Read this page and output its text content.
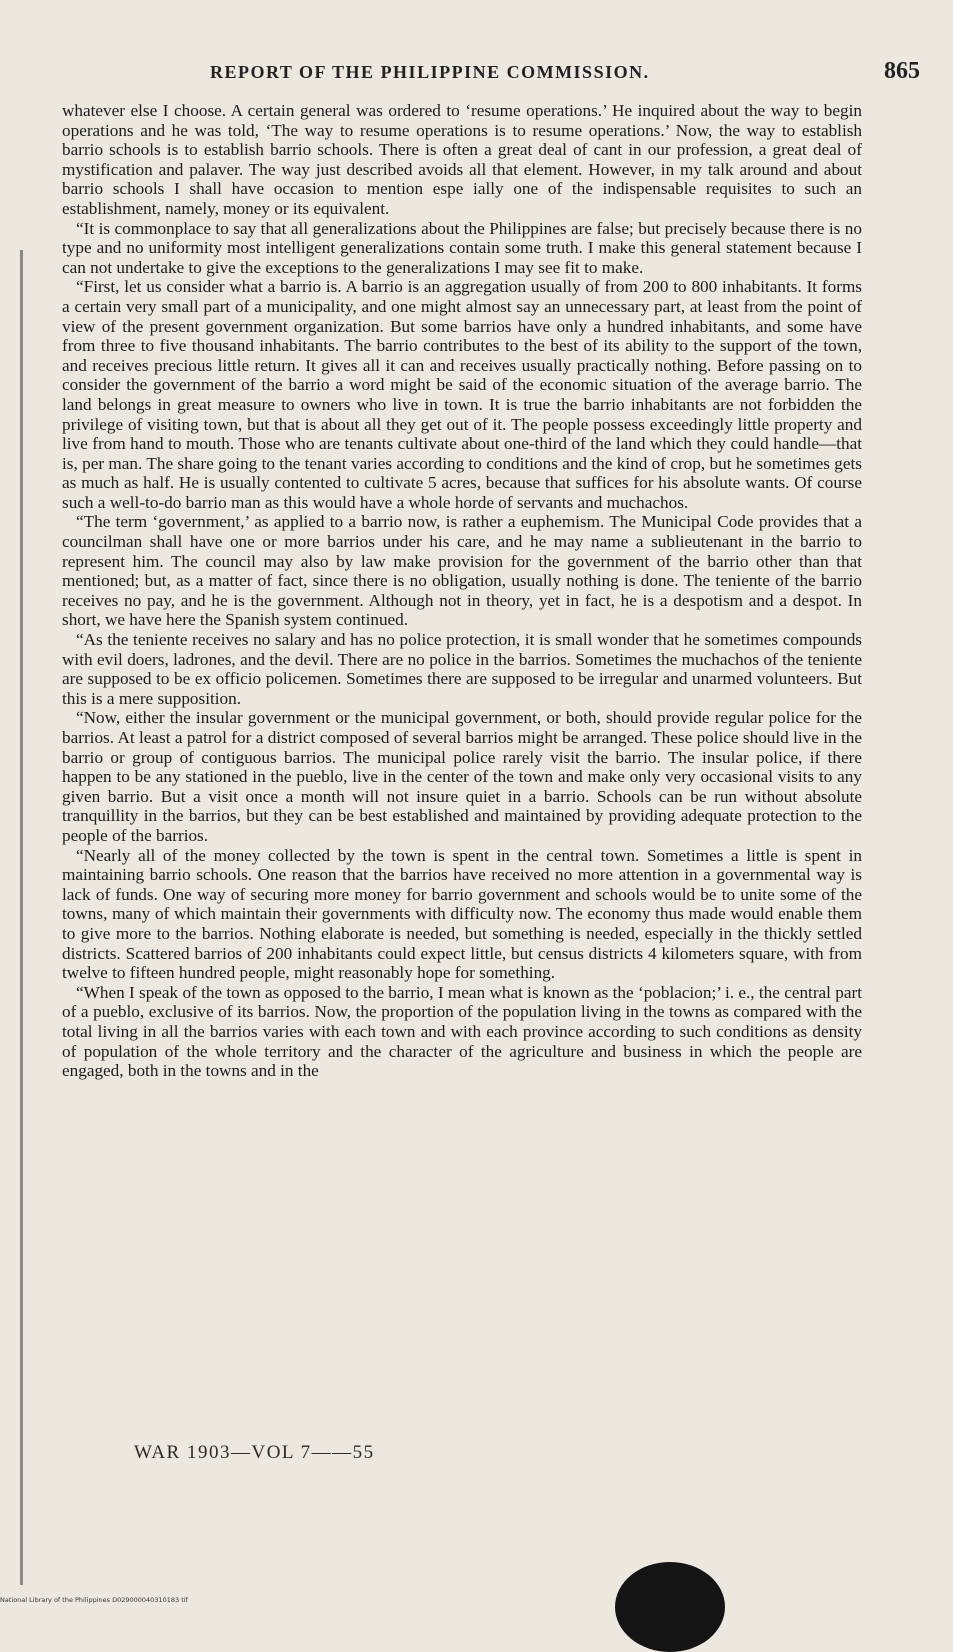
REPORT OF THE PHILIPPINE COMMISSION.	865

whatever else I choose. A certain general was ordered to ‘resume operations.’ He inquired about the way to begin operations and he was told, ‘The way to resume operations is to resume operations.’ Now, the way to establish barrio schools is to establish barrio schools. There is often a great deal of cant in our profession, a great deal of mystification and palaver. The way just described avoids all that element. However, in my talk around and about barrio schools I shall have occasion to mention espe ially one of the indispensable requisites to such an establishment, namely, money or its equivalent.

“It is commonplace to say that all generalizations about the Philippines are false; but precisely because there is no type and no uniformity most intelligent generalizations contain some truth. I make this general statement because I can not undertake to give the exceptions to the generalizations I may see fit to make.

“First, let us consider what a barrio is. A barrio is an aggregation usually of from 200 to 800 inhabitants. It forms a certain very small part of a municipality, and one might almost say an unnecessary part, at least from the point of view of the present government organization. But some barrios have only a hundred inhabitants, and some have from three to five thousand inhabitants. The barrio contributes to the best of its ability to the support of the town, and receives precious little return. It gives all it can and receives usually practically nothing. Before passing on to consider the government of the barrio a word might be said of the economic situation of the average barrio. The land belongs in great measure to owners who live in town. It is true the barrio inhabitants are not forbidden the privilege of visiting town, but that is about all they get out of it. The people possess exceedingly little property and live from hand to mouth. Those who are tenants cultivate about one-third of the land which they could handle—that is, per man. The share going to the tenant varies according to conditions and the kind of crop, but he sometimes gets as much as half. He is usually contented to cultivate 5 acres, because that suffices for his absolute wants. Of course such a well-to-do barrio man as this would have a whole horde of servants and muchachos.

“The term ‘government,’ as applied to a barrio now, is rather a euphemism. The Municipal Code provides that a councilman shall have one or more barrios under his care, and he may name a sublieutenant in the barrio to represent him. The council may also by law make provision for the government of the barrio other than that mentioned; but, as a matter of fact, since there is no obligation, usually nothing is done. The teniente of the barrio receives no pay, and he is the government. Although not in theory, yet in fact, he is a despotism and a despot. In short, we have here the Spanish system continued.

“As the teniente receives no salary and has no police protection, it is small wonder that he sometimes compounds with evil doers, ladrones, and the devil. There are no police in the barrios. Sometimes the muchachos of the teniente are supposed to be ex officio policemen. Sometimes there are supposed to be irregular and unarmed volunteers. But this is a mere supposition.

“Now, either the insular government or the municipal government, or both, should provide regular police for the barrios. At least a patrol for a district composed of several barrios might be arranged. These police should live in the barrio or group of contiguous barrios. The municipal police rarely visit the barrio. The insular police, if there happen to be any stationed in the pueblo, live in the center of the town and make only very occasional visits to any given barrio. But a visit once a month will not insure quiet in a barrio. Schools can be run without absolute tranquillity in the barrios, but they can be best established and maintained by providing adequate protection to the people of the barrios.

“Nearly all of the money collected by the town is spent in the central town. Sometimes a little is spent in maintaining barrio schools. One reason that the barrios have received no more attention in a governmental way is lack of funds. One way of securing more money for barrio government and schools would be to unite some of the towns, many of which maintain their governments with difficulty now. The economy thus made would enable them to give more to the barrios. Nothing elaborate is needed, but something is needed, especially in the thickly settled districts. Scattered barrios of 200 inhabitants could expect little, but census districts 4 kilometers square, with from twelve to fifteen hundred people, might reasonably hope for something.

“When I speak of the town as opposed to the barrio, I mean what is known as the ‘poblacion;’ i. e., the central part of a pueblo, exclusive of its barrios. Now, the proportion of the population living in the towns as compared with the total living in all the barrios varies with each town and with each province according to such conditions as density of population of the whole territory and the character of the agriculture and business in which the people are engaged, both in the towns and in the

WAR 1903—VOL 7——55
National Library of the Philippines D029000040310183 tif
